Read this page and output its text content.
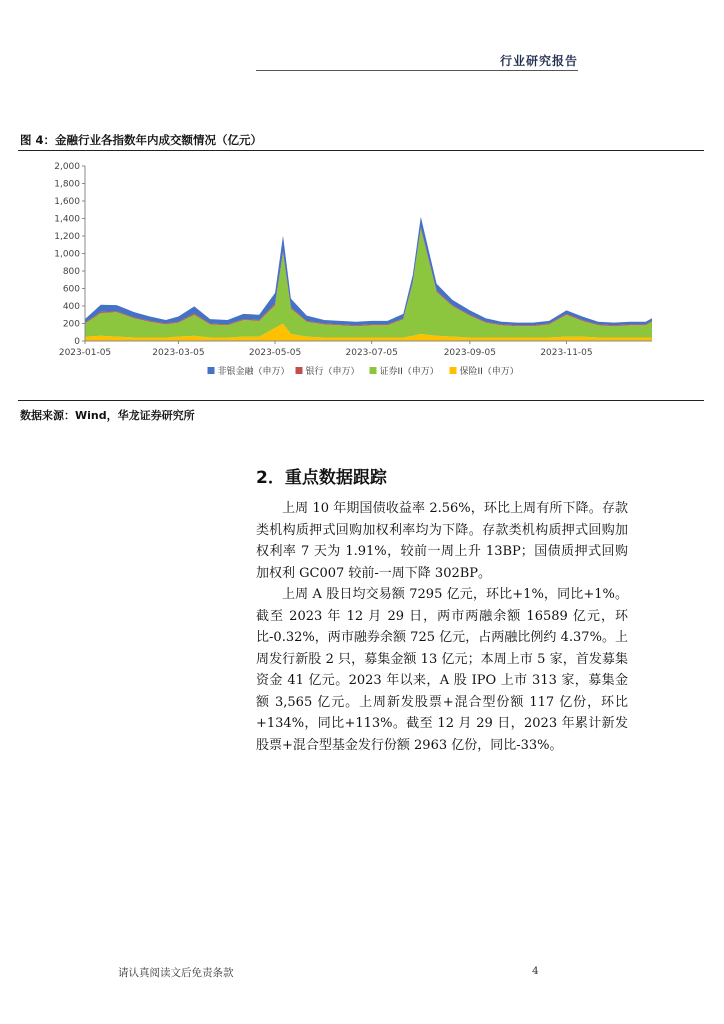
行业研究报告
图 4：金融行业各指数年内成交额情况（亿元）
0
200
400
600
800
1,000
1,200
1,400
1,600
1,800
2,000
2023-01-05	2023-03-05	2023-05-05	2023-07-05	2023-09-05	2023-11-05
非银金融（申万） 银行（申万） 证券II（申万） 保险II（申万）
数据来源：Wind，华龙证券研究所
2．重点数据跟踪

上周 10 年期国债收益率 2.56%，环比上周有所下降。存款类机构质押式回购加权利率均为下降。存款类机构质押式回购加权利率 7 天为 1.91%，较前一周上升 13BP；国债质押式回购加权利 GC007 较前-一周下降 302BP。

上周 A 股日均交易额 7295 亿元，环比+1%，同比+1%。截至 2023 年 12 月 29 日，两市两融余额 16589 亿元，环比-0.32%，两市融券余额 725 亿元，占两融比例约 4.37%。上周发行新股 2 只，募集金额 13 亿元；本周上市 5 家，首发募集资金 41 亿元。2023 年以来，A 股 IPO 上市 313 家，募集金额 3,565 亿元。上周新发股票+混合型份额 117 亿份，环比+134%，同比+113%。截至 12 月 29 日，2023 年累计新发股票+混合型基金发行份额 2963 亿份，同比-33%。

请认真阅读文后免责条款	4
